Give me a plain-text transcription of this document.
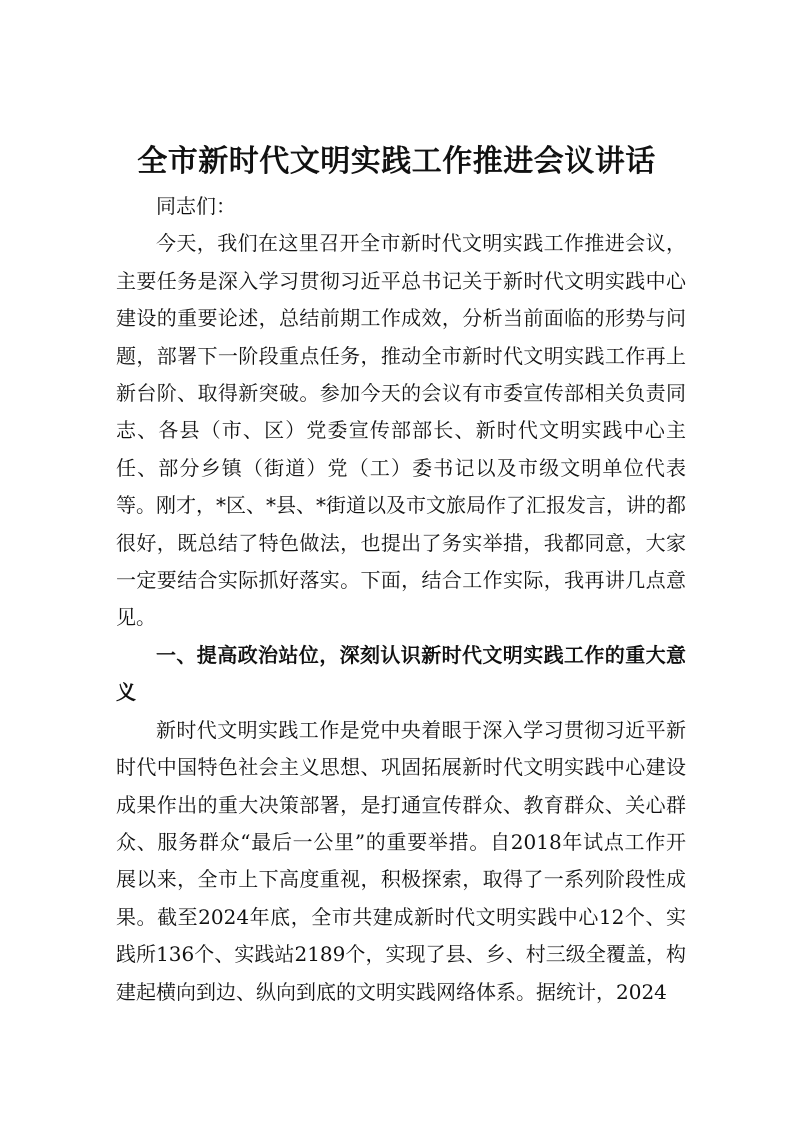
全市新时代文明实践工作推进会议讲话

同志们：

今天，我们在这里召开全市新时代文明实践工作推进会议，主要任务是深入学习贯彻习近平总书记关于新时代文明实践中心建设的重要论述，总结前期工作成效，分析当前面临的形势与问题，部署下一阶段重点任务，推动全市新时代文明实践工作再上新台阶、取得新突破。参加今天的会议有市委宣传部相关负责同志、各县（市、区）党委宣传部部长、新时代文明实践中心主任、部分乡镇（街道）党（工）委书记以及市级文明单位代表等。刚才，*区、*县、*街道以及市文旅局作了汇报发言，讲的都很好，既总结了特色做法，也提出了务实举措，我都同意，大家一定要结合实际抓好落实。下面，结合工作实际，我再讲几点意见。

一、提高政治站位，深刻认识新时代文明实践工作的重大意义

新时代文明实践工作是党中央着眼于深入学习贯彻习近平新时代中国特色社会主义思想、巩固拓展新时代文明实践中心建设成果作出的重大决策部署，是打通宣传群众、教育群众、关心群众、服务群众“最后一公里”的重要举措。自2018年试点工作开展以来，全市上下高度重视，积极探索，取得了一系列阶段性成果。截至2024年底，全市共建成新时代文明实践中心12个、实践所136个、实践站2189个，实现了县、乡、村三级全覆盖，构建起横向到边、纵向到底的文明实践网络体系。据统计，2024
